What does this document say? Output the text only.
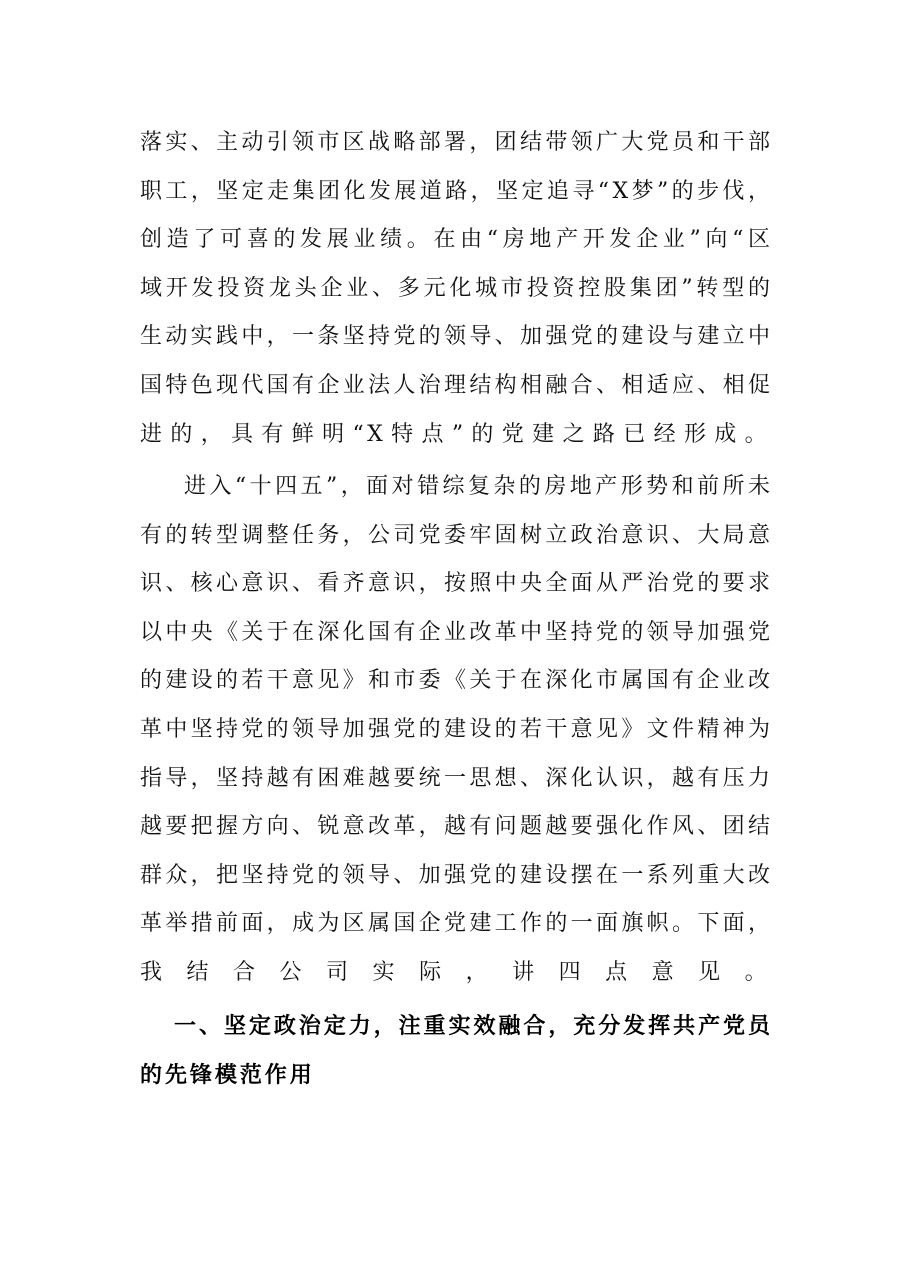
落实、主动引领市区战略部署，团结带领广大党员和干部
职工，坚定走集团化发展道路，坚定追寻“X梦”的步伐，
创造了可喜的发展业绩。在由“房地产开发企业”向“区
域开发投资龙头企业、多元化城市投资控股集团”转型的
生动实践中，一条坚持党的领导、加强党的建设与建立中
国特色现代国有企业法人治理结构相融合、相适应、相促
进的，具有鲜明“X特点”的党建之路已经形成。
进入“十四五”，面对错综复杂的房地产形势和前所未
有的转型调整任务，公司党委牢固树立政治意识、大局意
识、核心意识、看齐意识，按照中央全面从严治党的要求
以中央《关于在深化国有企业改革中坚持党的领导加强党
的建设的若干意见》和市委《关于在深化市属国有企业改
革中坚持党的领导加强党的建设的若干意见》文件精神为
指导，坚持越有困难越要统一思想、深化认识，越有压力
越要把握方向、锐意改革，越有问题越要强化作风、团结
群众，把坚持党的领导、加强党的建设摆在一系列重大改
革举措前面，成为区属国企党建工作的一面旗帜。下面，
我结合公司实际，讲四点意见。
一、坚定政治定力，注重实效融合，充分发挥共产党员
的先锋模范作用
